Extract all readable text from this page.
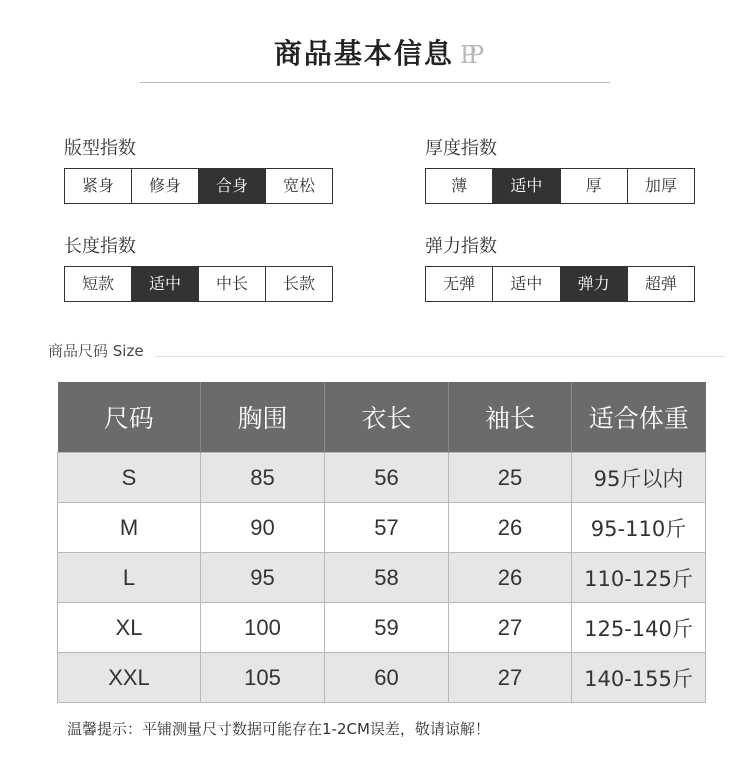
商品基本信息 PP
版型指数
紧身	修身	合身	宽松
厚度指数
薄	适中	厚	加厚
长度指数
短款	适中	中长	长款
弹力指数
无弹	适中	弹力	超弹
商品尺码 Size
尺码	胸围	衣长	袖长	适合体重
S	85	56	25	95斤以内
M	90	57	26	95-110斤
L	95	58	26	110-125斤
XL	100	59	27	125-140斤
XXL	105	60	27	140-155斤
温馨提示：平铺测量尺寸数据可能存在1-2CM误差，敬请谅解！
